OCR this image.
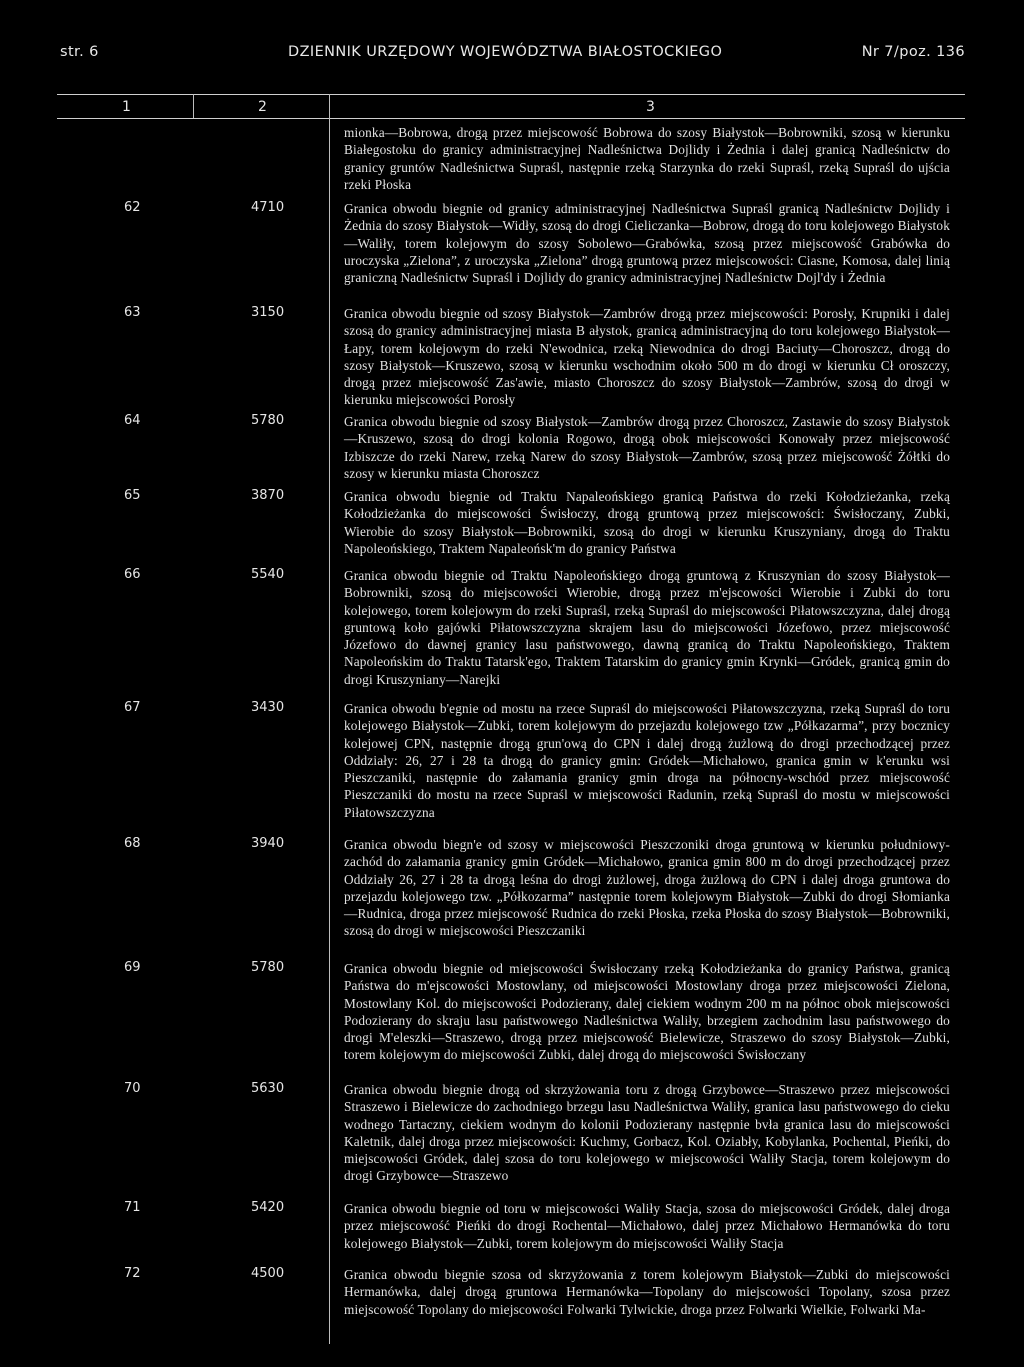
str. 6	DZIENNIK URZĘDOWY WOJEWÓDZTWA BIAŁOSTOCKIEGO	Nr 7/poz. 136
1	2	3
mionka—Bobrowa, drogą przez miejscowość Bobrowa do szosy Białystok—Bobrowniki, szosą w kierunku Białegostoku do granicy administracyjnej Nadleśnictwa Dojlidy i Żednia i dalej granicą Nadleśnictw do granicy gruntów Nadleśnictwa Supraśl, następnie rzeką Starzynka do rzeki Supraśl, rzeką Supraśl do ujścia rzeki Płoska
62	4710	Granica obwodu biegnie od granicy administracyjnej Nadleśnictwa Supraśl granicą Nadleśnictw Dojlidy i Żednia do szosy Białystok—Widły, szosą do drogi Cieliczanka—Bobrow, drogą do toru kolejowego Białystok—Waliły, torem kolejowym do szosy Sobolewo—Grabówka, szosą przez miejscowość Grabówka do uroczyska „Zielona”, z uroczyska „Zielona” drogą gruntową przez miejscowości: Ciasne, Komosa, dalej linią graniczną Nadleśnictw Supraśl i Dojlidy do granicy administracyjnej Nadleśnictw Dojl'dy i Żednia
63	3150	Granica obwodu biegnie od szosy Białystok—Zambrów drogą przez miejscowości: Porosły, Krupniki i dalej szosą do granicy administracyjnej miasta B ałystok, granicą administracyjną do toru kolejowego Białystok—Łapy, torem kolejowym do rzeki N'ewodnica, rzeką Niewodnica do drogi Baciuty—Choroszcz, drogą do szosy Białystok—Kruszewo, szosą w kierunku wschodnim około 500 m do drogi w kierunku Cł oroszczy, drogą przez miejscowość Zas'awie, miasto Choroszcz do szosy Białystok—Zambrów, szosą do drogi w kierunku miejscowości Porosły
64	5780	Granica obwodu biegnie od szosy Białystok—Zambrów drogą przez Choroszcz, Zastawie do szosy Białystok—Kruszewo, szosą do drogi kolonia Rogowo, drogą obok miejscowości Konowały przez miejscowość Izbiszcze do rzeki Narew, rzeką Narew do szosy Białystok—Zambrów, szosą przez miejscowość Żółtki do szosy w kierunku miasta Choroszcz
65	3870	Granica obwodu biegnie od Traktu Napaleońskiego granicą Państwa do rzeki Kołodzieżanka, rzeką Kołodzieżanka do miejscowości Świsłoczy, drogą gruntową przez miejscowości: Świsłoczany, Zubki, Wierobie do szosy Białystok—Bobrowniki, szosą do drogi w kierunku Kruszyniany, drogą do Traktu Napoleońskiego, Traktem Napaleońsk'm do granicy Państwa
66	5540	Granica obwodu biegnie od Traktu Napoleońskiego drogą gruntową z Kruszynian do szosy Białystok—Bobrowniki, szosą do miejscowości Wierobie, drogą przez m'ejscowości Wierobie i Zubki do toru kolejowego, torem kolejowym do rzeki Supraśl, rzeką Supraśl do miejscowości Piłatowszczyzna, dalej drogą gruntową koło gajówki Piłatowszczyzna skrajem lasu do miejscowości Józefowo, przez miejscowość Józefowo do dawnej granicy lasu państwowego, dawną granicą do Traktu Napoleońskiego, Traktem Napoleońskim do Traktu Tatarsk'ego, Traktem Tatarskim do granicy gmin Krynki—Gródek, granicą gmin do drogi Kruszyniany—Narejki
67	3430	Granica obwodu b'egnie od mostu na rzece Supraśl do miejscowości Piłatowszczyzna, rzeką Supraśl do toru kolejowego Białystok—Zubki, torem kolejowym do przejazdu kolejowego tzw „Półkazarma”, przy bocznicy kolejowej CPN, następnie drogą grun'ową do CPN i dalej drogą żużlową do drogi przechodzącej przez Oddziały: 26, 27 i 28 ta drogą do granicy gmin: Gródek—Michałowo, granica gmin w k'erunku wsi Pieszczaniki, następnie do załamania granicy gmin droga na północny-wschód przez miejscowość Pieszczaniki do mostu na rzece Supraśl w miejscowości Radunin, rzeką Supraśl do mostu w miejscowości Piłatowszczyzna
68	3940	Granica obwodu biegn'e od szosy w miejscowości Pieszczoniki droga gruntową w kierunku południowy-zachód do załamania granicy gmin Gródek—Michałowo, granica gmin 800 m do drogi przechodzącej przez Oddziały 26, 27 i 28 ta drogą leśna do drogi żużlowej, droga żużlową do CPN i dalej droga gruntowa do przejazdu kolejowego tzw. „Półkozarma” następnie torem kolejowym Białystok—Zubki do drogi Słomianka—Rudnica, droga przez miejscowość Rudnica do rzeki Płoska, rzeka Płoska do szosy Białystok—Bobrowniki, szosą do drogi w miejscowości Pieszczaniki
69	5780	Granica obwodu biegnie od miejscowości Świsłoczany rzeką Kołodzieżanka do granicy Państwa, granicą Państwa do m'ejscowości Mostowlany, od miejscowości Mostowlany droga przez miejscowości Zielona, Mostowlany Kol. do miejscowości Podozierany, dalej ciekiem wodnym 200 m na północ obok miejscowości Podozierany do skraju lasu państwowego Nadleśnictwa Waliły, brzegiem zachodnim lasu państwowego do drogi M'eleszki—Straszewo, drogą przez miejscowość Bielewicze, Straszewo do szosy Białystok—Zubki, torem kolejowym do miejscowości Zubki, dalej drogą do miejscowości Świsłoczany
70	5630	Granica obwodu biegnie drogą od skrzyżowania toru z drogą Grzybowce—Straszewo przez miejscowości Straszewo i Bielewicze do zachodniego brzegu lasu Nadleśnictwa Waliły, granica lasu państwowego do cieku wodnego Tartaczny, ciekiem wodnym do kolonii Podozierany następnie bvła granica lasu do miejscowości Kaletnik, dalej droga przez miejscowości: Kuchmy, Gorbacz, Kol. Oziabły, Kobylanka, Pochental, Pieńki, do miejscowości Gródek, dalej szosa do toru kolejowego w miejscowości Waliły Stacja, torem kolejowym do drogi Grzybowce—Straszewo
71	5420	Granica obwodu biegnie od toru w miejscowości Waliły Stacja, szosa do miejscowości Gródek, dalej droga przez miejscowość Pieńki do drogi Rochental—Michałowo, dalej przez Michałowo Hermanówka do toru kolejowego Białystok—Zubki, torem kolejowym do miejscowości Waliły Stacja
72	4500	Granica obwodu biegnie szosa od skrzyżowania z torem kolejowym Białystok—Zubki do miejscowości Hermanówka, dalej drogą gruntowa Hermanówka—Topolany do miejscowości Topolany, szosa przez miejscowość Topolany do miejscowości Folwarki Tylwickie, droga przez Folwarki Wielkie, Folwarki Ma-
